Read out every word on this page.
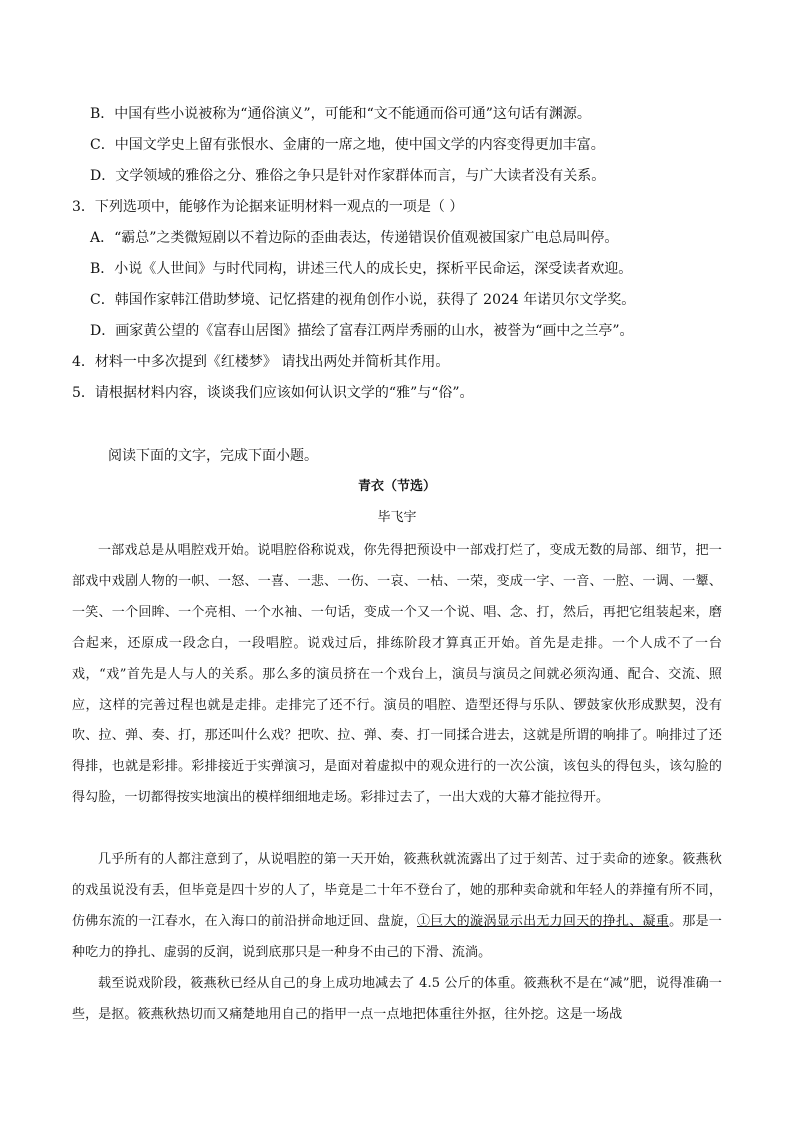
B．中国有些小说被称为“通俗演义”，可能和“文不能通而俗可通”这句话有渊源。
C．中国文学史上留有张恨水、金庸的一席之地，使中国文学的内容变得更加丰富。
D．文学领域的雅俗之分、雅俗之争只是针对作家群体而言，与广大读者没有关系。
3．下列选项中，能够作为论据来证明材料一观点的一项是（ ）
A．“霸总”之类微短剧以不着边际的歪曲表达，传递错误价值观被国家广电总局叫停。
B．小说《人世间》与时代同构，讲述三代人的成长史，探析平民命运，深受读者欢迎。
C．韩国作家韩江借助梦境、记忆搭建的视角创作小说，获得了 2024 年诺贝尔文学奖。
D．画家黄公望的《富春山居图》描绘了富春江两岸秀丽的山水，被誉为“画中之兰亭”。
4．材料一中多次提到《红楼梦》 请找出两处并简析其作用。
5．请根据材料内容，谈谈我们应该如何认识文学的“雅”与“俗”。
阅读下面的文字，完成下面小题。
青衣（节选）
毕飞宇
一部戏总是从唱腔戏开始。说唱腔俗称说戏，你先得把预设中一部戏打烂了，变成无数的局部、细节，把一部戏中戏剧人物的一帜、一怒、一喜、一悲、一伤、一哀、一枯、一荣，变成一字、一音、一腔、一调、一颦、一笑、一个回眸、一个亮相、一个水袖、一句话，变成一个又一个说、唱、念、打，然后，再把它组装起来，磨合起来，还原成一段念白，一段唱腔。说戏过后，排练阶段才算真正开始。首先是走排。一个人成不了一台戏，“戏”首先是人与人的关系。那么多的演员挤在一个戏台上，演员与演员之间就必须沟通、配合、交流、照应，这样的完善过程也就是走排。走排完了还不行。演员的唱腔、造型还得与乐队、锣鼓家伙形成默契，没有吹、拉、弹、奏、打，那还叫什么戏？把吹、拉、弹、奏、打一同揉合进去，这就是所谓的响排了。响排过了还得排，也就是彩排。彩排接近于实弹演习，是面对着虚拟中的观众进行的一次公演，该包头的得包头，该勾脸的得勾脸，一切都得按实地演出的模样细细地走场。彩排过去了，一出大戏的大幕才能拉得开。
几乎所有的人都注意到了，从说唱腔的第一天开始，筱燕秋就流露出了过于刻苦、过于卖命的迹象。筱燕秋的戏虽说没有丢，但毕竟是四十岁的人了，毕竟是二十年不登台了，她的那种卖命就和年轻人的莽撞有所不同，仿佛东流的一江春水，在入海口的前沿拼命地迂回、盘旋，①巨大的漩涡显示出无力回天的挣扎、凝重。那是一种吃力的挣扎、虚弱的反润，说到底那只是一种身不由己的下滑、流淌。
载至说戏阶段，筱燕秋已经从自己的身上成功地减去了 4.5 公斤的体重。筱燕秋不是在“减”肥，说得准确一些，是抠。筱燕秋热切而又痛楚地用自己的指甲一点一点地把体重往外抠，往外挖。这是一场战
